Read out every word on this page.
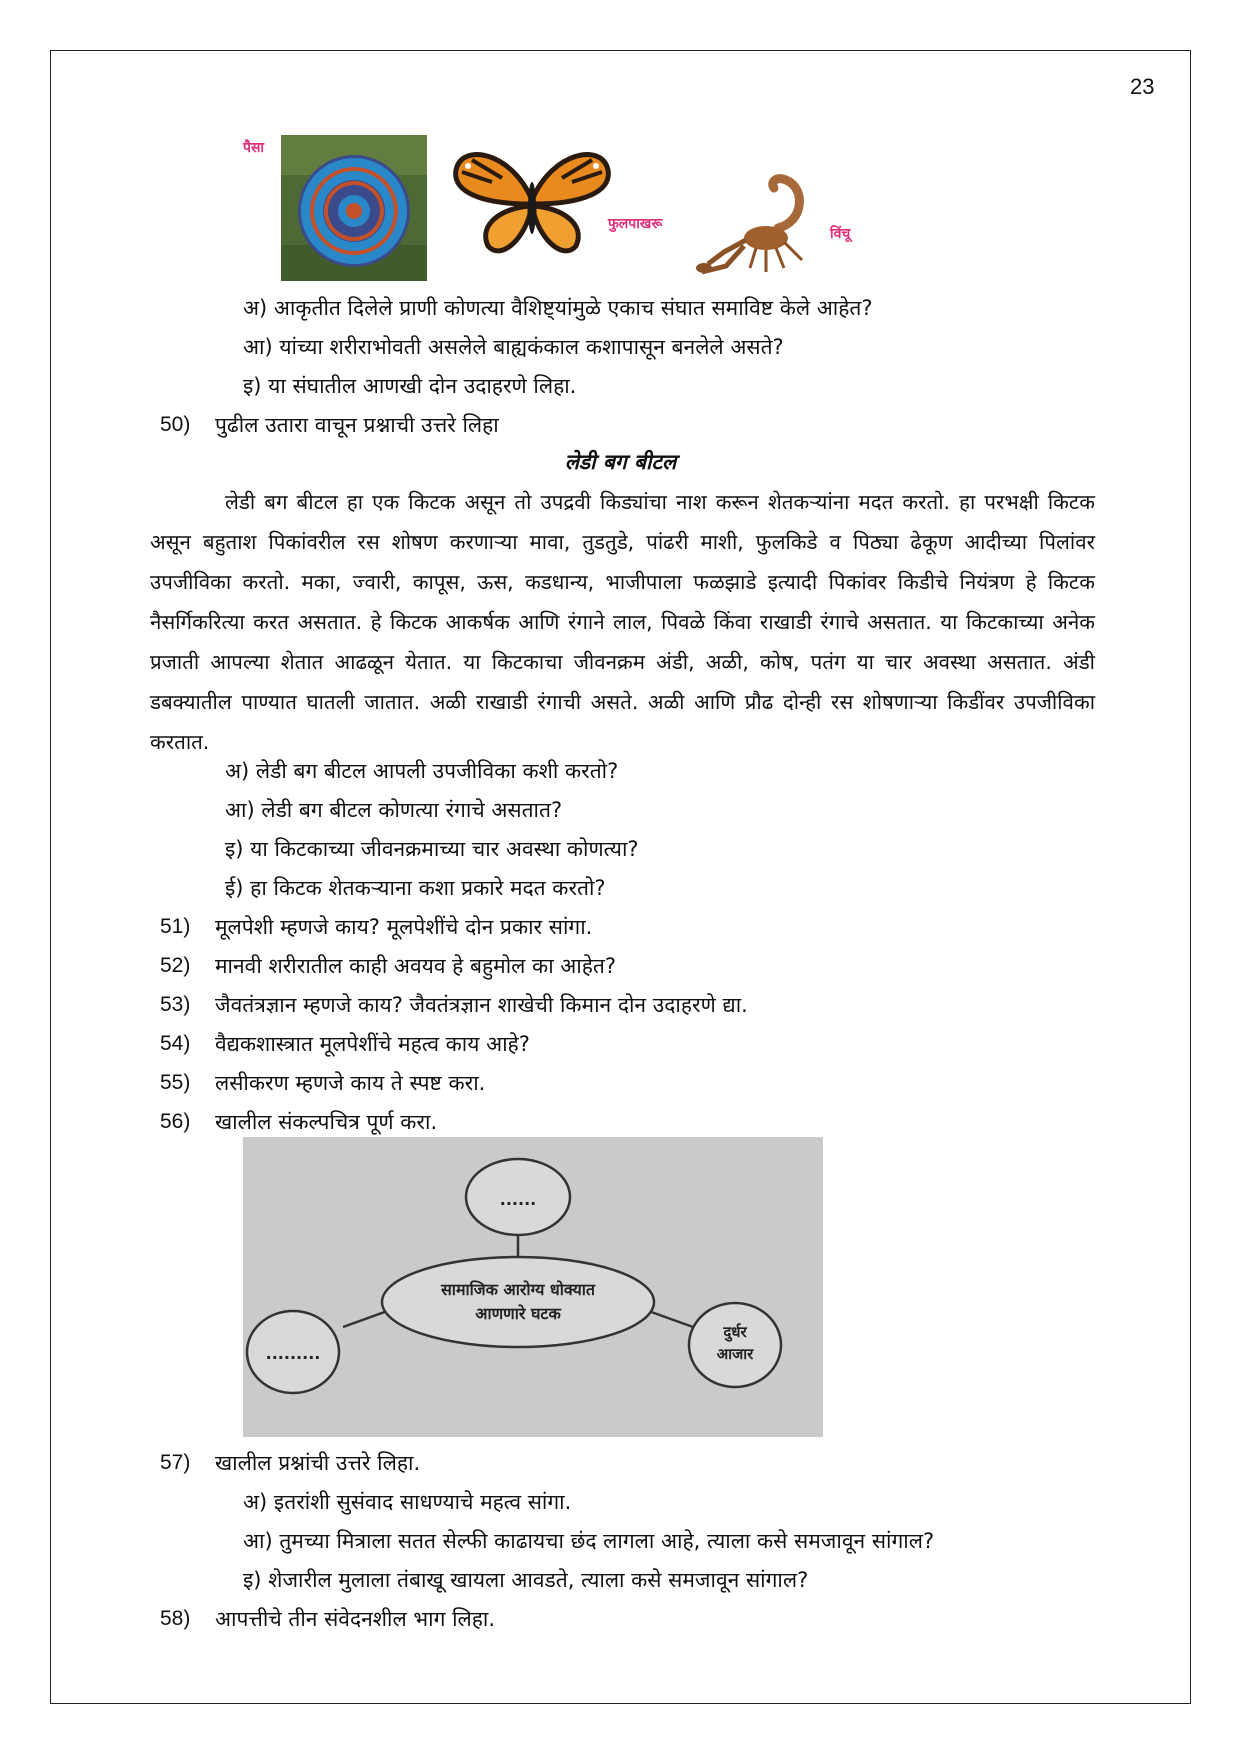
23
पैसा
फुलपाखरू
विंचू
अ) आकृतीत दिलेले प्राणी कोणत्या वैशिष्ट्यांमुळे एकाच संघात समाविष्ट केले आहेत?
आ) यांच्या शरीराभोवती असलेले बाह्यकंकाल कशापासून बनलेले असते?
इ) या संघातील आणखी दोन उदाहरणे लिहा.
50) पुढील उतारा वाचून प्रश्नाची उत्तरे लिहा
लेडी बग बीटल
लेडी बग बीटल हा एक किटक असून तो उपद्रवी किड्यांचा नाश करून शेतकऱ्यांना मदत करतो. हा परभक्षी किटक असून बहुताश पिकांवरील रस शोषण करणाऱ्या मावा, तुडतुडे, पांढरी माशी, फुलकिडे व पिठ्या ढेकूण आदीच्या पिलांवर उपजीविका करतो. मका, ज्वारी, कापूस, ऊस, कडधान्य, भाजीपाला फळझाडे इत्यादी पिकांवर किडीचे नियंत्रण हे किटक नैसर्गिकरित्या करत असतात. हे किटक आकर्षक आणि रंगाने लाल, पिवळे किंवा राखाडी रंगाचे असतात. या किटकाच्या अनेक प्रजाती आपल्या शेतात आढळून येतात. या किटकाचा जीवनक्रम अंडी, अळी, कोष, पतंग या चार अवस्था असतात. अंडी डबक्यातील पाण्यात घातली जातात. अळी राखाडी रंगाची असते. अळी आणि प्रौढ दोन्ही रस शोषणाऱ्या किडींवर उपजीविका करतात.
अ) लेडी बग बीटल आपली उपजीविका कशी करतो?
आ) लेडी बग बीटल कोणत्या रंगाचे असतात?
इ) या किटकाच्या जीवनक्रमाच्या चार अवस्था कोणत्या?
ई) हा किटक शेतकऱ्याना कशा प्रकारे मदत करतो?
51) मूलपेशी म्हणजे काय? मूलपेशींचे दोन प्रकार सांगा.
52) मानवी शरीरातील काही अवयव हे बहुमोल का आहेत?
53) जैवतंत्रज्ञान म्हणजे काय? जैवतंत्रज्ञान शाखेची किमान दोन उदाहरणे द्या.
54) वैद्यकशास्त्रात मूलपेशींचे महत्व काय आहे?
55) लसीकरण म्हणजे काय ते स्पष्ट करा.
56) खालील संकल्पचित्र पूर्ण करा.
......
सामाजिक आरोग्य धोक्यात
आणणारे घटक
.........
दुर्धर
आजार
57) खालील प्रश्नांची उत्तरे लिहा.
अ) इतरांशी सुसंवाद साधण्याचे महत्व सांगा.
आ) तुमच्या मित्राला सतत सेल्फी काढायचा छंद लागला आहे, त्याला कसे समजावून सांगाल?
इ) शेजारील मुलाला तंबाखू खायला आवडते, त्याला कसे समजावून सांगाल?
58) आपत्तीचे तीन संवेदनशील भाग लिहा.
